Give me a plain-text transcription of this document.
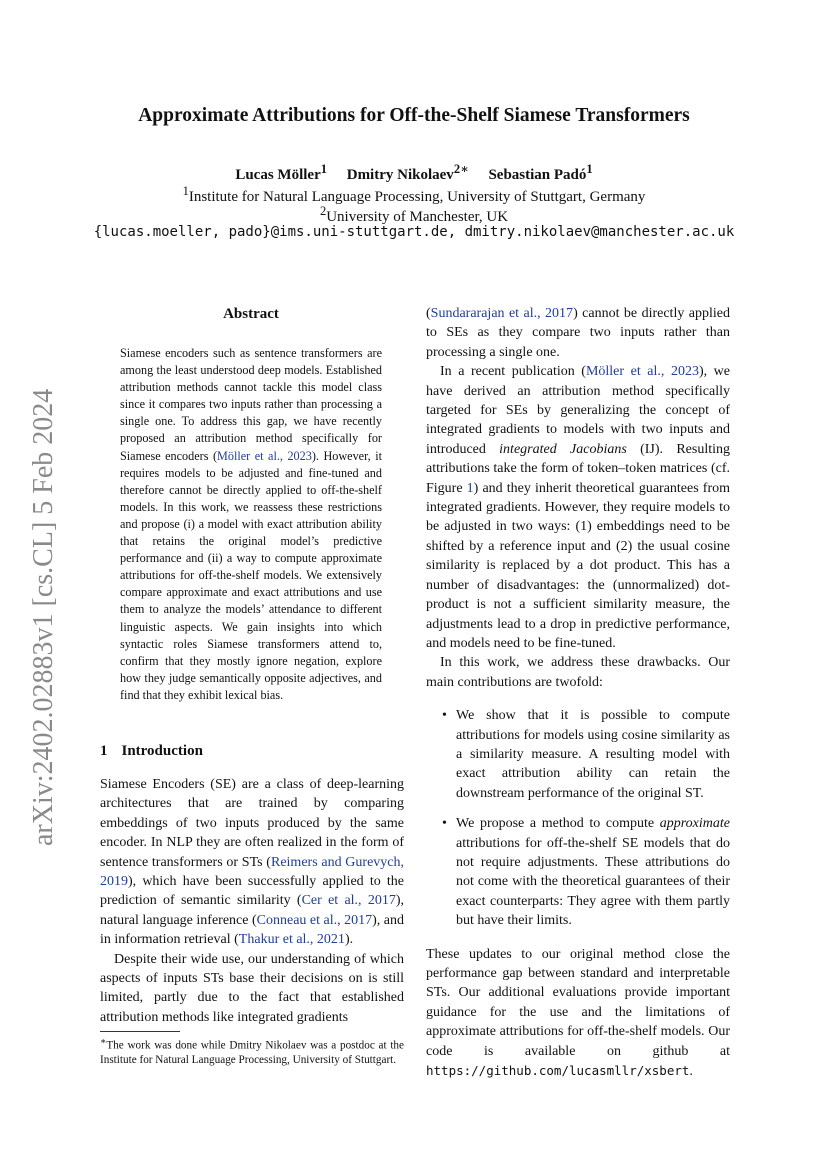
arXiv:2402.02883v1 [cs.CL] 5 Feb 2024
Approximate Attributions for Off-the-Shelf Siamese Transformers
Lucas Möller$^1$ Dmitry Nikolaev$^{2∗}$ Sebastian Padó$^1$
$^1$Institute for Natural Language Processing, University of Stuttgart, Germany
$^2$University of Manchester, UK
{lucas.moeller, pado}@ims.uni-stuttgart.de, dmitry.nikolaev@manchester.ac.uk
Abstract
Siamese encoders such as sentence transformers are among the least understood deep models. Established attribution methods cannot tackle this model class since it compares two inputs rather than processing a single one. To address this gap, we have recently proposed an attribution method specifically for Siamese encoders (Möller et al., 2023). However, it requires models to be adjusted and fine-tuned and therefore cannot be directly applied to off-the-shelf models. In this work, we reassess these restrictions and propose (i) a model with exact attribution ability that retains the original model’s predictive performance and (ii) a way to compute approximate attributions for off-the-shelf models. We extensively compare approximate and exact attributions and use them to analyze the models’ attendance to different linguistic aspects. We gain insights into which syntactic roles Siamese transformers attend to, confirm that they mostly ignore negation, explore how they judge semantically opposite adjectives, and find that they exhibit lexical bias.
1 Introduction

Siamese Encoders (SE) are a class of deep-learning architectures that are trained by comparing embeddings of two inputs produced by the same encoder. In NLP they are often realized in the form of sentence transformers or STs (Reimers and Gurevych, 2019), which have been successfully applied to the prediction of semantic similarity (Cer et al., 2017), natural language inference (Conneau et al., 2017), and in information retrieval (Thakur et al., 2021).

Despite their wide use, our understanding of which aspects of inputs STs base their decisions on is still limited, partly due to the fact that established attribution methods like integrated gradients

∗The work was done while Dmitry Nikolaev was a postdoc at the Institute for Natural Language Processing, University of Stuttgart.

(Sundararajan et al., 2017) cannot be directly applied to SEs as they compare two inputs rather than processing a single one.

In a recent publication (Möller et al., 2023), we have derived an attribution method specifically targeted for SEs by generalizing the concept of integrated gradients to models with two inputs and introduced integrated Jacobians (IJ). Resulting attributions take the form of token–token matrices (cf. Figure 1) and they inherit theoretical guarantees from integrated gradients. However, they require models to be adjusted in two ways: (1) embeddings need to be shifted by a reference input and (2) the usual cosine similarity is replaced by a dot product. This has a number of disadvantages: the (unnormalized) dot-product is not a sufficient similarity measure, the adjustments lead to a drop in predictive performance, and models need to be fine-tuned.

In this work, we address these drawbacks. Our main contributions are twofold:

• We show that it is possible to compute attributions for models using cosine similarity as a similarity measure. A resulting model with exact attribution ability can retain the downstream performance of the original ST.
• We propose a method to compute approximate attributions for off-the-shelf SE models that do not require adjustments. These attributions do not come with the theoretical guarantees of their exact counterparts: They agree with them partly but have their limits.

These updates to our original method close the performance gap between standard and interpretable STs. Our additional evaluations provide important guidance for the use and the limitations of approximate attributions for off-the-shelf models. Our code is available on github at https://github.com/lucasmllr/xsbert.
